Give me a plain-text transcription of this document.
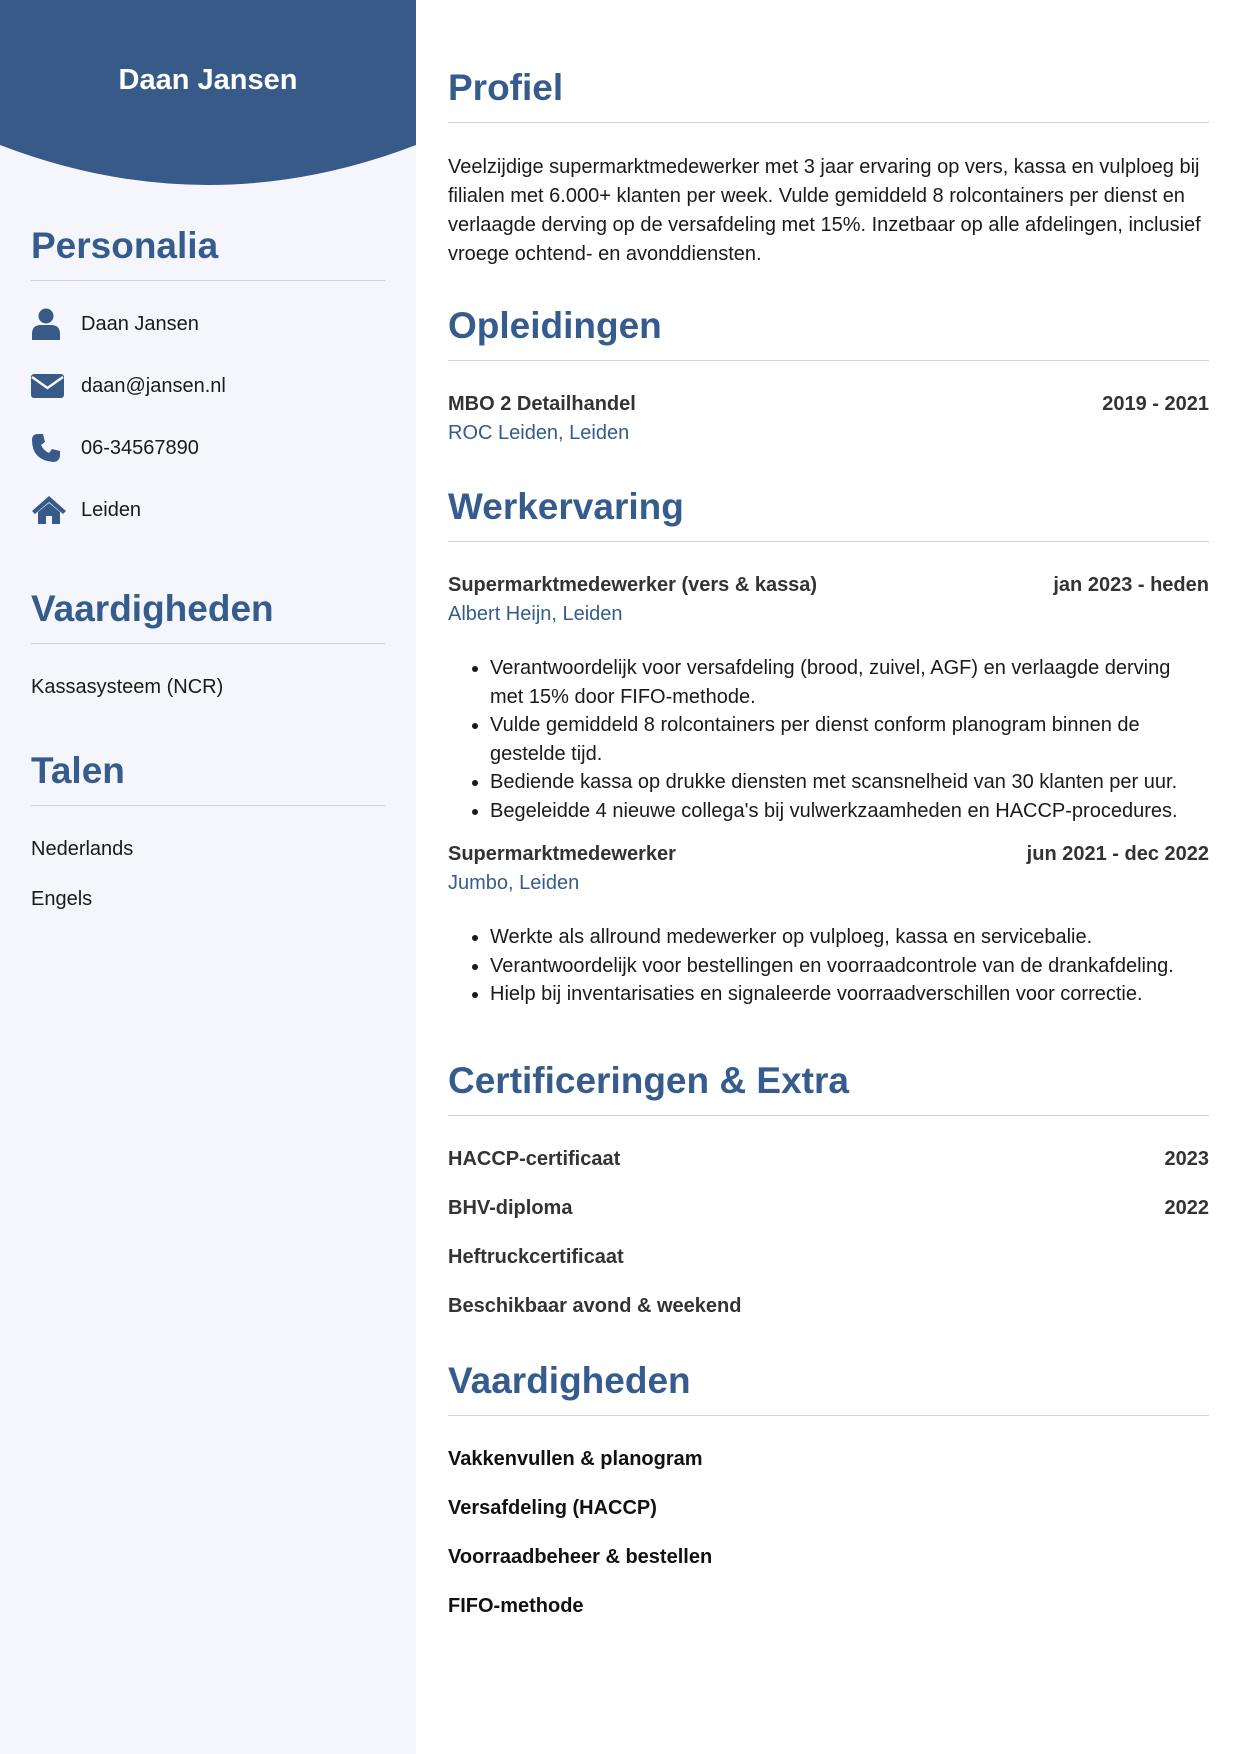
Daan Jansen
Personalia
Daan Jansen
daan@jansen.nl
06-34567890
Leiden
Vaardigheden
Kassasysteem (NCR)
Talen
Nederlands
Engels
Profiel
Veelzijdige supermarktmedewerker met 3 jaar ervaring op vers, kassa en vulploeg bij filialen met 6.000+ klanten per week. Vulde gemiddeld 8 rolcontainers per dienst en verlaagde derving op de versafdeling met 15%. Inzetbaar op alle afdelingen, inclusief vroege ochtend- en avonddiensten.
Opleidingen
MBO 2 Detailhandel	2019 - 2021
ROC Leiden, Leiden
Werkervaring
Supermarktmedewerker (vers & kassa)	jan 2023 - heden
Albert Heijn, Leiden
• Verantwoordelijk voor versafdeling (brood, zuivel, AGF) en verlaagde derving met 15% door FIFO-methode.
• Vulde gemiddeld 8 rolcontainers per dienst conform planogram binnen de gestelde tijd.
• Bediende kassa op drukke diensten met scansnelheid van 30 klanten per uur.
• Begeleidde 4 nieuwe collega's bij vulwerkzaamheden en HACCP-procedures.
Supermarktmedewerker	jun 2021 - dec 2022
Jumbo, Leiden
• Werkte als allround medewerker op vulploeg, kassa en servicebalie.
• Verantwoordelijk voor bestellingen en voorraadcontrole van de drankafdeling.
• Hielp bij inventarisaties en signaleerde voorraadverschillen voor correctie.
Certificeringen & Extra
HACCP-certificaat	2023
BHV-diploma	2022
Heftruckcertificaat
Beschikbaar avond & weekend
Vaardigheden
Vakkenvullen & planogram
Versafdeling (HACCP)
Voorraadbeheer & bestellen
FIFO-methode
